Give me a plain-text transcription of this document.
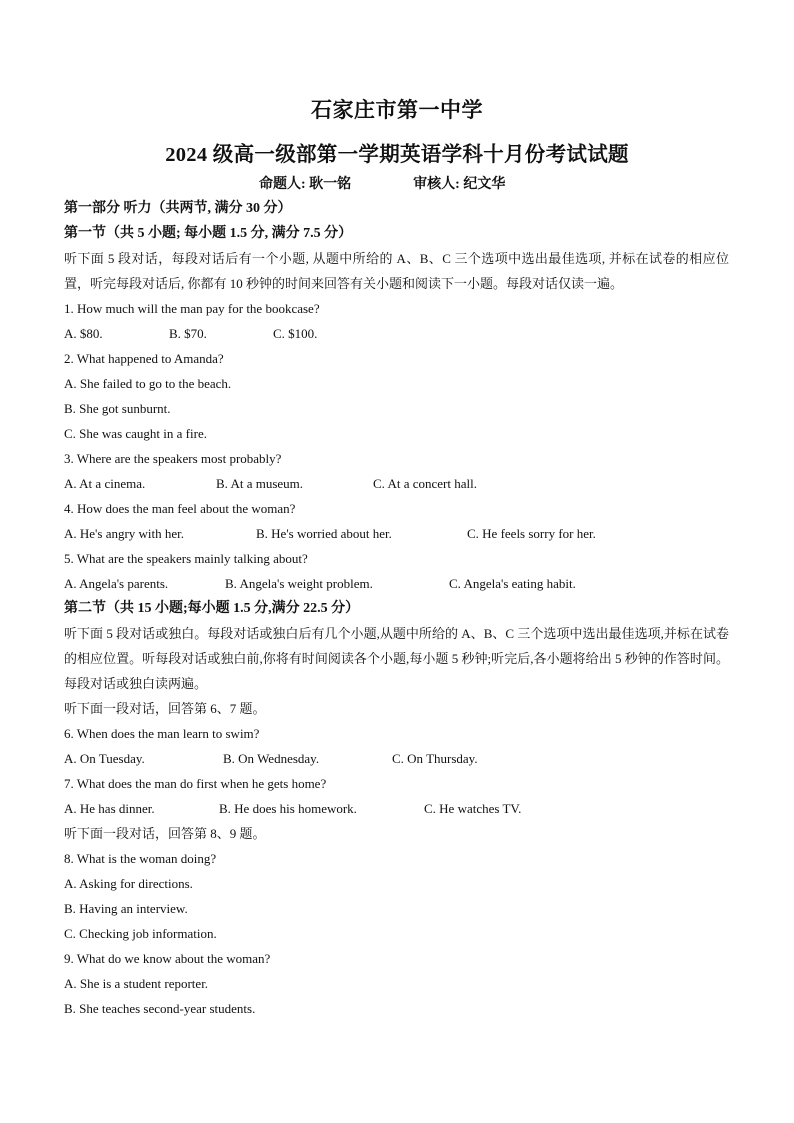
石家庄市第一中学
2024 级高一级部第一学期英语学科十月份考试试题
命题人: 耿一铭	审核人: 纪文华
第一部分 听力（共两节, 满分 30 分）
第一节（共 5 小题; 每小题 1.5 分, 满分 7.5 分）
听下面 5 段对话，每段对话后有一个小题, 从题中所给的 A、B、C 三个选项中选出最佳选项, 并标在试卷的相应位置，听完每段对话后, 你都有 10 秒钟的时间来回答有关小题和阅读下一小题。每段对话仅读一遍。
1. How much will the man pay for the bookcase?
A. $80.	B. $70.	C. $100.
2. What happened to Amanda?
A. She failed to go to the beach.
B. She got sunburnt.
C. She was caught in a fire.
3. Where are the speakers most probably?
A. At a cinema.	B. At a museum.	C. At a concert hall.
4. How does the man feel about the woman?
A. He's angry with her.	B. He's worried about her.	C. He feels sorry for her.
5. What are the speakers mainly talking about?
A. Angela's parents.	B. Angela's weight problem.	C. Angela's eating habit.
第二节（共 15 小题;每小题 1.5 分,满分 22.5 分）
听下面 5 段对话或独白。每段对话或独白后有几个小题,从题中所给的 A、B、C 三个选项中选出最佳选项,并标在试卷的相应位置。听每段对话或独白前,你将有时间阅读各个小题,每小题 5 秒钟;听完后,各小题将给出 5 秒钟的作答时间。每段对话或独白读两遍。
听下面一段对话，回答第 6、7 题。
6. When does the man learn to swim?
A. On Tuesday.	B. On Wednesday.	C. On Thursday.
7. What does the man do first when he gets home?
A. He has dinner.	B. He does his homework.	C. He watches TV.
听下面一段对话，回答第 8、9 题。
8. What is the woman doing?
A. Asking for directions.
B. Having an interview.
C. Checking job information.
9. What do we know about the woman?
A. She is a student reporter.
B. She teaches second-year students.
